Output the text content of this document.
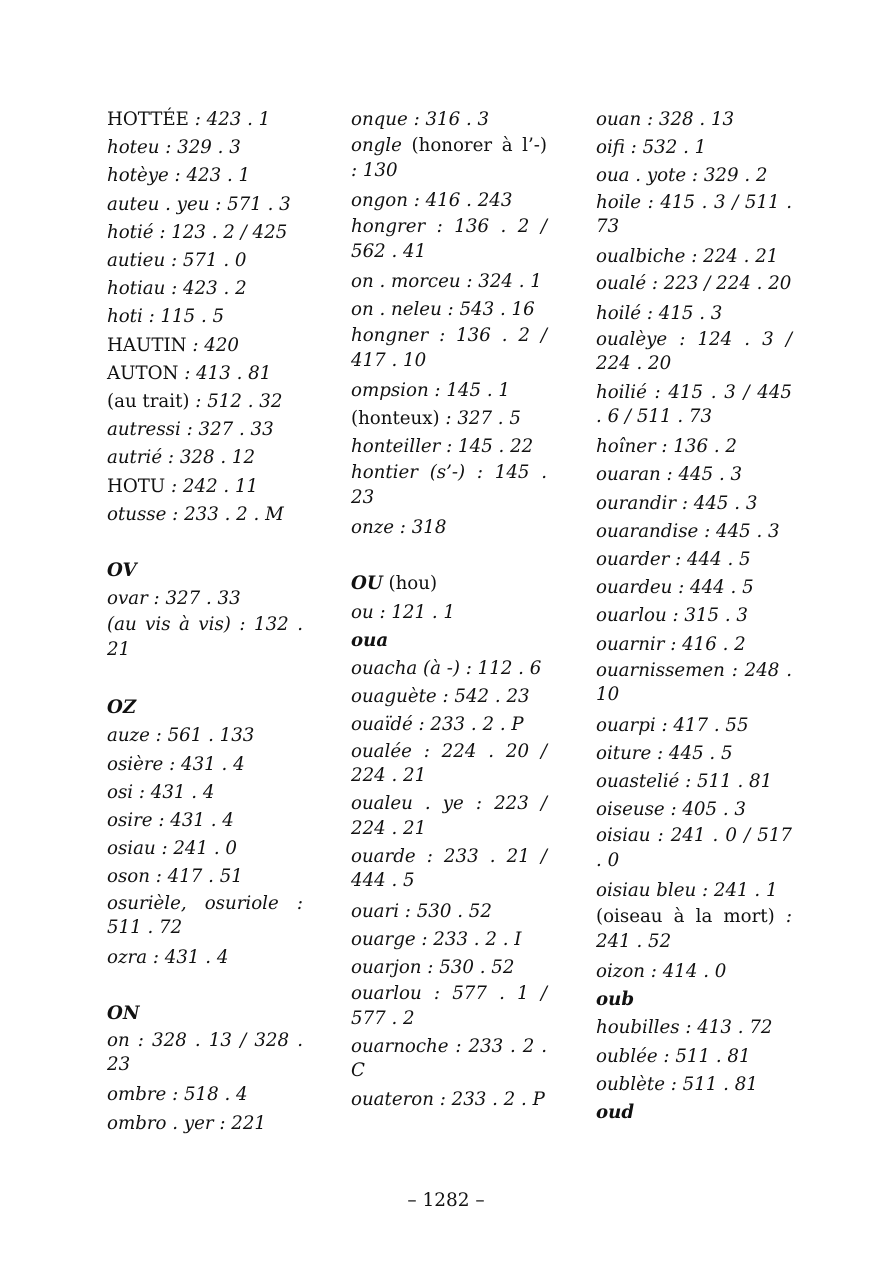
HOTTÉE : 423 . 1
hoteu : 329 . 3
hotèye : 423 . 1
auteu . yeu : 571 . 3
hotié : 123 . 2 / 425
autieu : 571 . 0
hotiau : 423 . 2
hoti : 115 . 5
HAUTIN : 420
AUTON : 413 . 81
(au trait) : 512 . 32
autressi : 327 . 33
autrié : 328 . 12
HOTU : 242 . 11
otusse : 233 . 2 . M
OV
ovar : 327 . 33
(au vis à vis) : 132 . 21
OZ
auze : 561 . 133
osière : 431 . 4
osi : 431 . 4
osire : 431 . 4
osiau : 241 . 0
oson : 417 . 51
osurièle, osuriole : 511 . 72
ozra : 431 . 4
ON
on : 328 . 13 / 328 . 23
ombre : 518 . 4
ombro . yer : 221
onque : 316 . 3
ongle (honorer à l’-) : 130
ongon : 416 . 243
hongrer : 136 . 2 / 562 . 41
on . morceu : 324 . 1
on . neleu : 543 . 16
hongner : 136 . 2 / 417 . 10
ompsion : 145 . 1
(honteux) : 327 . 5
honteiller : 145 . 22
hontier (s’-) : 145 . 23
onze : 318
OU (hou)
ou : 121 . 1
oua
ouacha (à -) : 112 . 6
ouaguète : 542 . 23
ouaïdé : 233 . 2 . P
oualée : 224 . 20 / 224 . 21
oualeu . ye : 223 / 224 . 21
ouarde : 233 . 21 / 444 . 5
ouari : 530 . 52
ouarge : 233 . 2 . I
ouarjon : 530 . 52
ouarlou : 577 . 1 / 577 . 2
ouarnoche : 233 . 2 . C
ouateron : 233 . 2 . P
ouan : 328 . 13
oifi : 532 . 1
oua . yote : 329 . 2
hoile : 415 . 3 / 511 . 73
oualbiche : 224 . 21
oualé : 223 / 224 . 20
hoilé : 415 . 3
oualèye : 124 . 3 / 224 . 20
hoilié : 415 . 3 / 445 . 6 / 511 . 73
hoîner : 136 . 2
ouaran : 445 . 3
ourandir : 445 . 3
ouarandise : 445 . 3
ouarder : 444 . 5
ouardeu : 444 . 5
ouarlou : 315 . 3
ouarnir : 416 . 2
ouarnissemen : 248 . 10
ouarpi : 417 . 55
oiture : 445 . 5
ouastelié : 511 . 81
oiseuse : 405 . 3
oisiau : 241 . 0 / 517 . 0
oisiau bleu : 241 . 1
(oiseau à la mort) : 241 . 52
oizon : 414 . 0
oub
houbilles : 413 . 72
oublée : 511 . 81
oublète : 511 . 81
oud
– 1282 –
